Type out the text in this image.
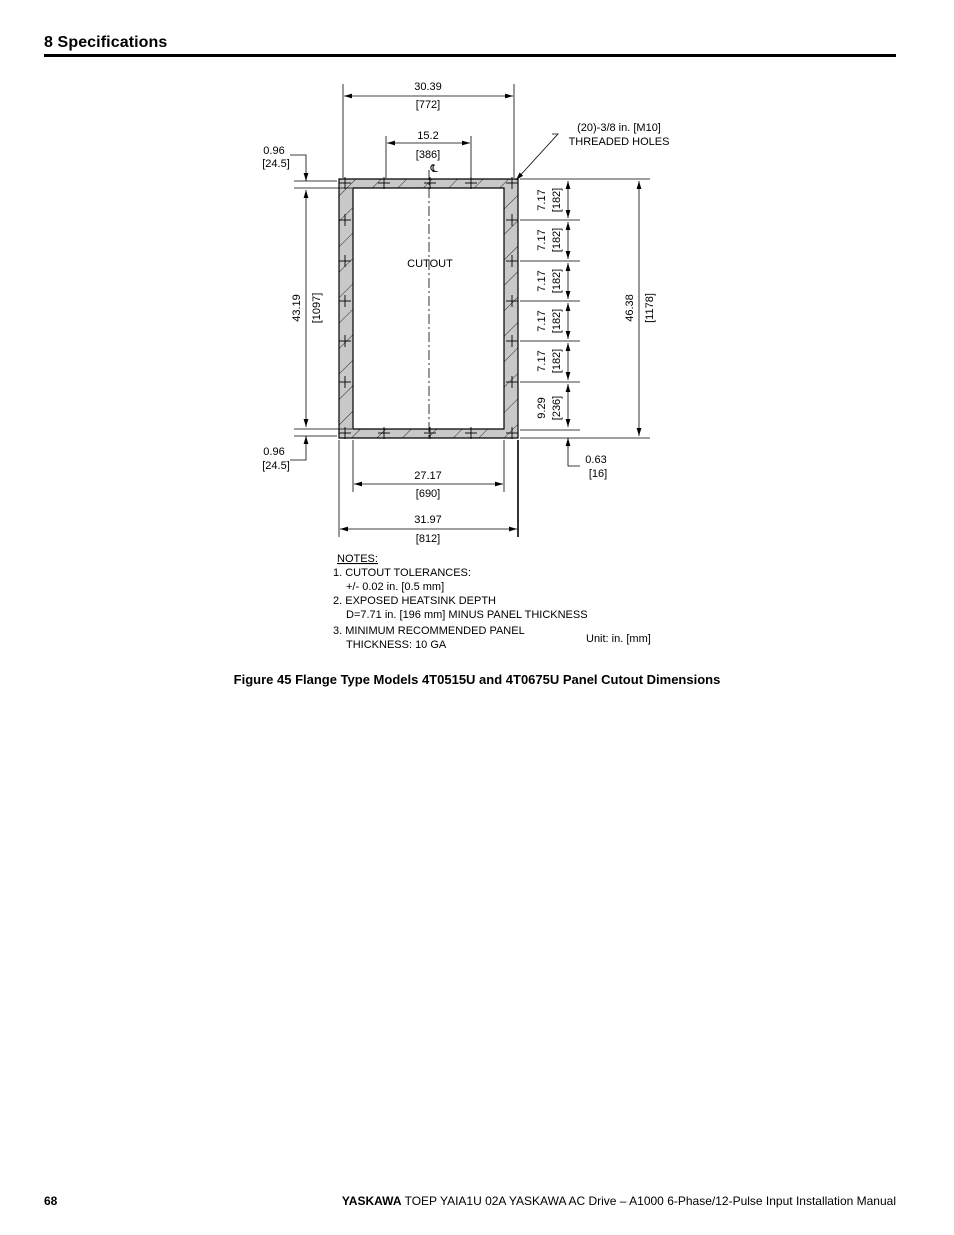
8 Specifications
℄
CUTOUT
30.39
[772]
15.2
[386]
(20)-3/8 in. [M10]
THREADED HOLES
0.96
[24.5]
43.19 [1097]
0.96
[24.5]
7.17 [182]
7.17 [182]
7.17 [182]
7.17 [182]
7.17 [182]
9.29 [236]
46.38 [1178]
0.63
[16]
27.17
[690]
31.97
[812]
NOTES:
1. CUTOUT TOLERANCES:
+/- 0.02 in. [0.5 mm]
2. EXPOSED HEATSINK DEPTH
D=7.71 in. [196 mm] MINUS PANEL THICKNESS
3. MINIMUM RECOMMENDED PANEL
THICKNESS: 10 GA	Unit: in. [mm]
Figure 45 Flange Type Models 4T0515U and 4T0675U Panel Cutout Dimensions
68	YASKAWA TOEP YAIA1U 02A YASKAWA AC Drive – A1000 6-Phase/12-Pulse Input Installation Manual
